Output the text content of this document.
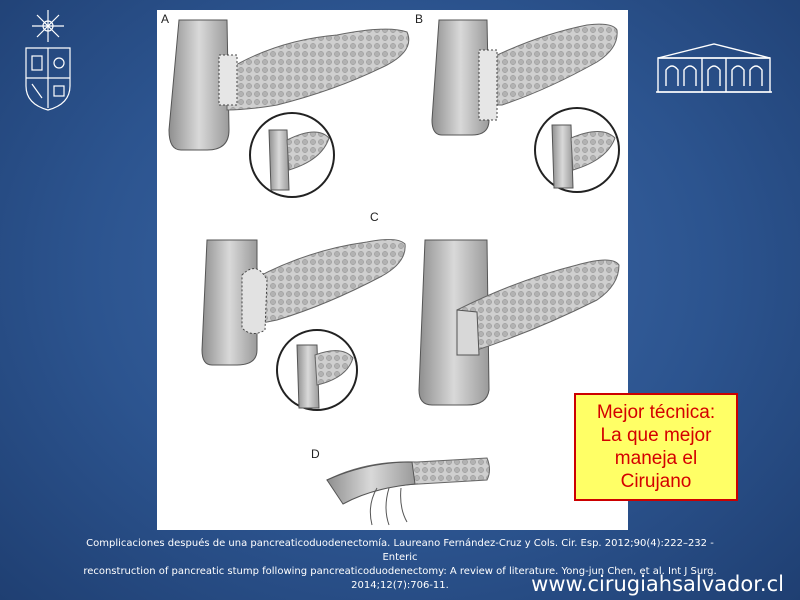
A	B
C
D
Mejor técnica:
La que mejor
maneja el
Cirujano
Complicaciones después de una pancreaticoduodenectomía. Laureano Fernández-Cruz y Cols. Cir. Esp. 2012;90(4):222–232 - Enteric
reconstruction of pancreatic stump following pancreaticoduodenectomy: A review of literature. Yong-jun Chen, et al. Int J Surg.
2014;12(7):706-11.	www.cirugiahsalvador.cl
